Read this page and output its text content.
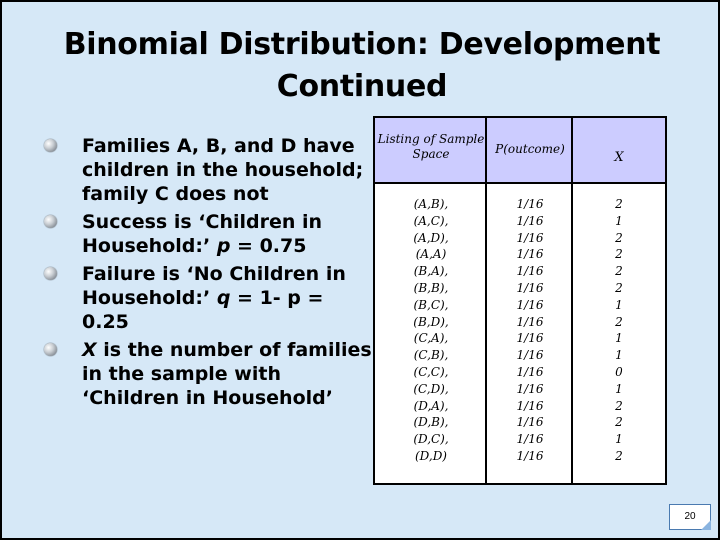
Binomial Distribution: Development Continued
Families A, B, and D have children in the household; family C does not
Success is ‘Children in Household:’ p = 0.75
Failure is ‘No Children in Household:’ q = 1- p = 0.25
X is the number of families in the sample with ‘Children in Household’
Listing of Sample Space	P(outcome)
X
(A,B),
(A,C),
(A,D),
(A,A)
(B,A),
(B,B),
(B,C),
(B,D),
(C,A),
(C,B),
(C,C),
(C,D),
(D,A),
(D,B),
(D,C),
(D,D)
1/16
1/16
1/16
1/16
1/16
1/16
1/16
1/16
1/16
1/16
1/16
1/16
1/16
1/16
1/16
1/16
2
1
2
2
2
2
1
2
1
1
0
1
2
2
1
2
20
